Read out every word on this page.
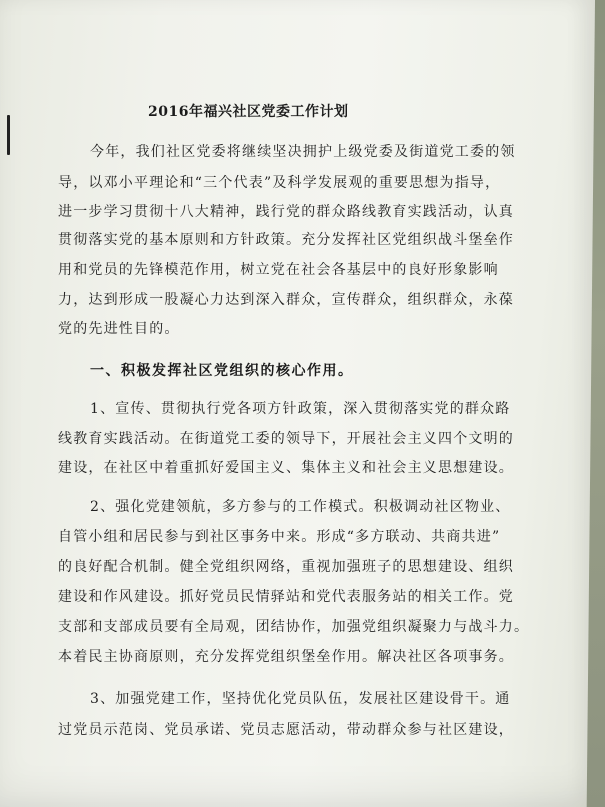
2016年福兴社区党委工作计划
今年，我们社区党委将继续坚决拥护上级党委及街道党工委的领
导，以邓小平理论和“三个代表”及科学发展观的重要思想为指导，
进一步学习贯彻十八大精神，践行党的群众路线教育实践活动，认真
贯彻落实党的基本原则和方针政策。充分发挥社区党组织战斗堡垒作
用和党员的先锋模范作用，树立党在社会各基层中的良好形象影响
力，达到形成一股凝心力达到深入群众，宣传群众，组织群众，永葆
党的先进性目的。
一、积极发挥社区党组织的核心作用。
1、宣传、贯彻执行党各项方针政策，深入贯彻落实党的群众路
线教育实践活动。在街道党工委的领导下，开展社会主义四个文明的
建设，在社区中着重抓好爱国主义、集体主义和社会主义思想建设。
2、强化党建领航，多方参与的工作模式。积极调动社区物业、
自管小组和居民参与到社区事务中来。形成“多方联动、共商共进”
的良好配合机制。健全党组织网络，重视加强班子的思想建设、组织
建设和作风建设。抓好党员民情驿站和党代表服务站的相关工作。党
支部和支部成员要有全局观，团结协作，加强党组织凝聚力与战斗力。
本着民主协商原则，充分发挥党组织堡垒作用。解决社区各项事务。
3、加强党建工作，坚持优化党员队伍，发展社区建设骨干。通
过党员示范岗、党员承诺、党员志愿活动，带动群众参与社区建设，
